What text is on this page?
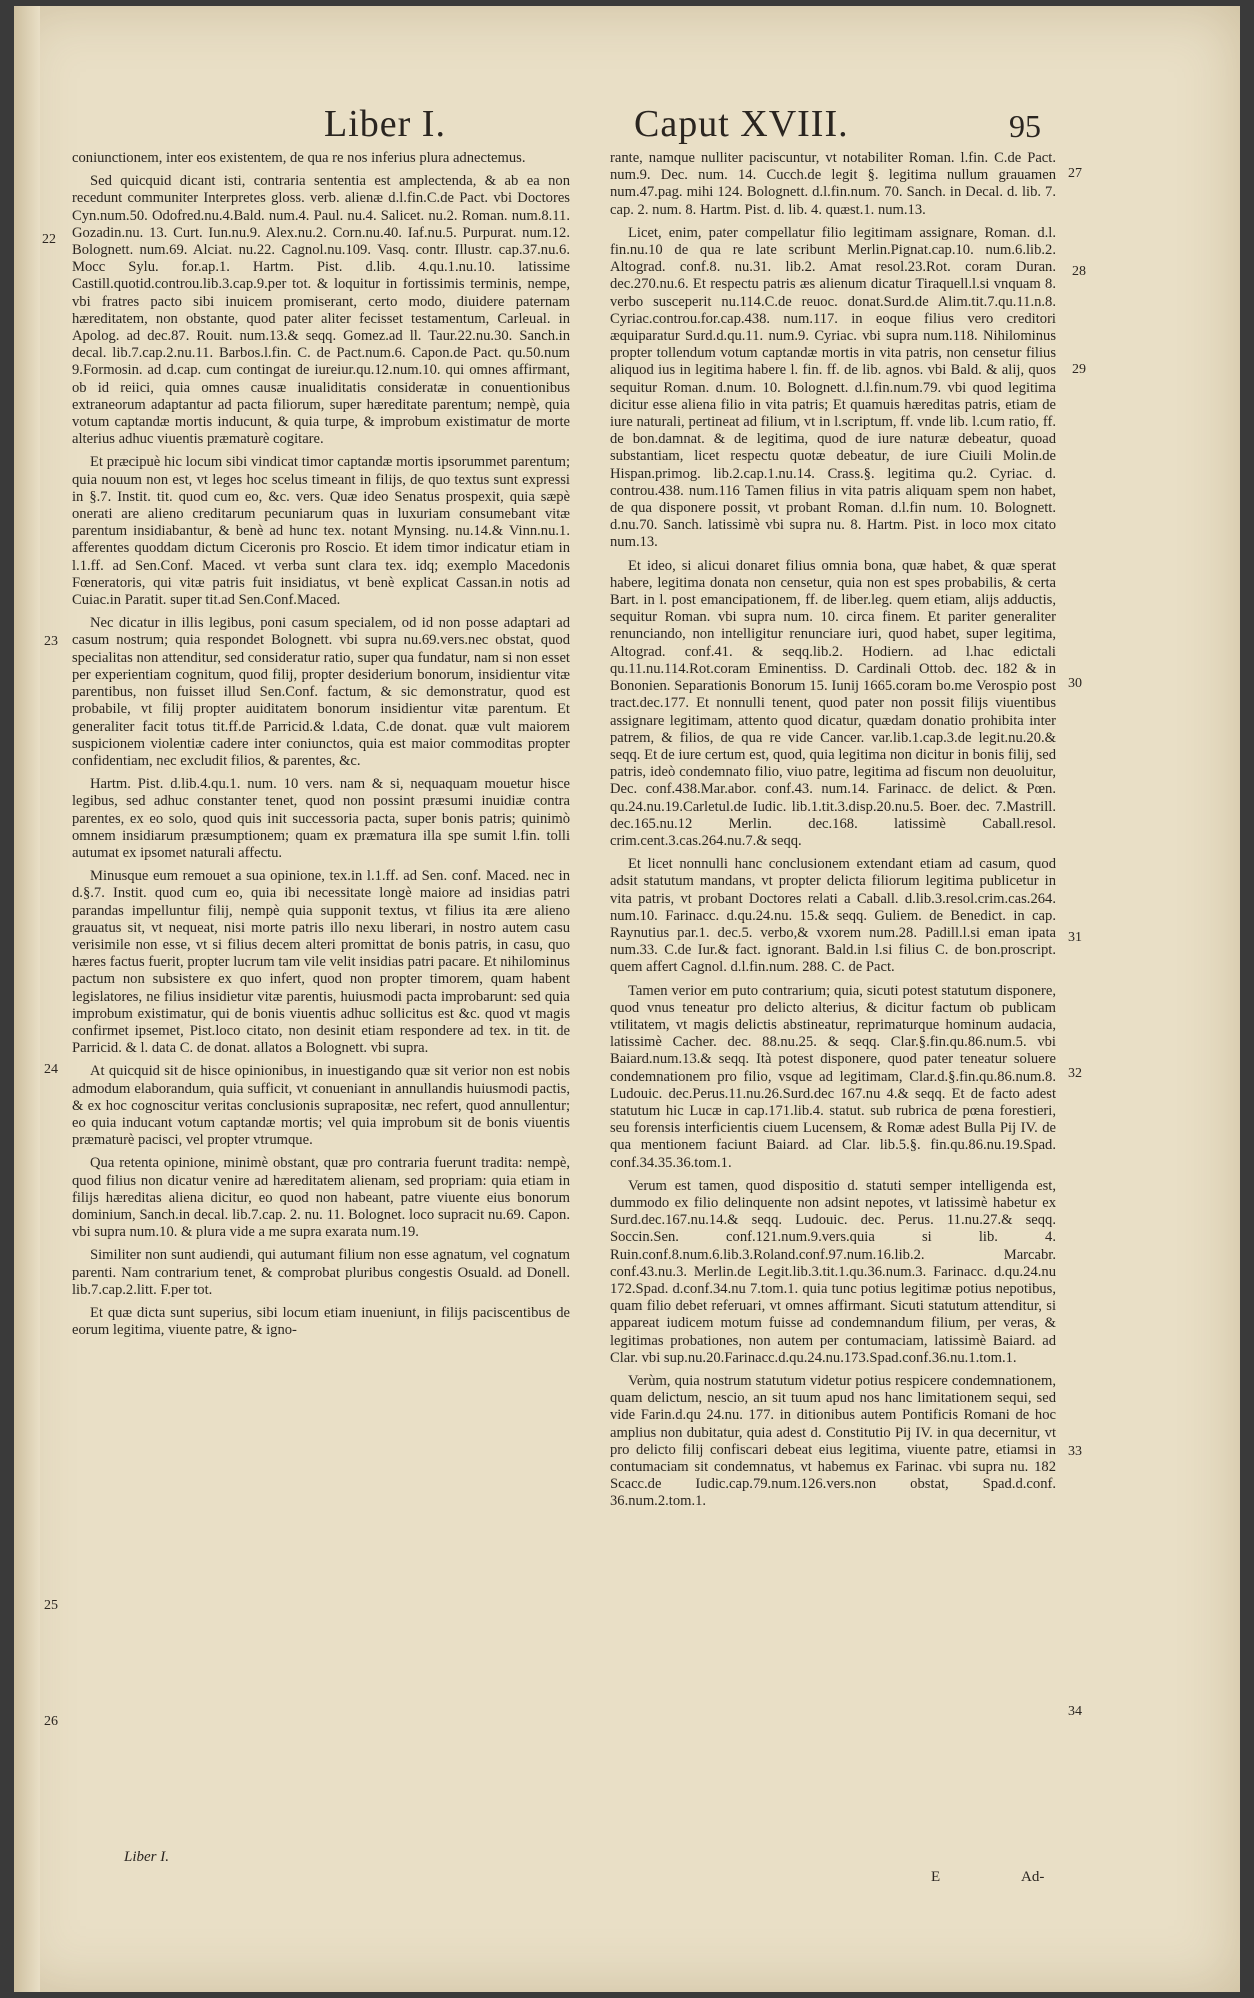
Liber I.	Caput XVIII.	95

coniunctionem, inter eos existentem, de qua re nos inferius plura adnectemus.

Sed quicquid dicant isti, contraria sententia est amplectenda, & ab ea non recedunt communiter Interpretes gloss. verb. alienæ d.l.fin.C.de Pact. vbi Doctores Cyn.num.50. Odofred.nu.4.Bald. num.4. Paul. nu.4. Salicet. nu.2. Roman. num.8.11. Gozadin.nu. 13. Curt. Iun.nu.9. Alex.nu.2. Corn.nu.40. Iaf.nu.5. Purpurat. num.12. Bolognett. num.69. Alciat. nu.22. Cagnol.nu.109. Vasq. contr. Illustr. cap.37.nu.6. Mocc Sylu. for.ap.1. Hartm. Pist. d.lib. 4.qu.1.nu.10. latissime Castill.quotid.controu.lib.3.cap.9.per tot. & loquitur in fortissimis terminis, nempe, vbi fratres pacto sibi inuicem promiserant, certo modo, diuidere paternam hæreditatem, non obstante, quod pater aliter fecisset testamentum, Carleual. in Apolog. ad dec.87. Rouit. num.13.& seqq. Gomez.ad ll. Taur.22.nu.30. Sanch.in decal. lib.7.cap.2.nu.11. Barbos.l.fin. C. de Pact.num.6. Capon.de Pact. qu.50.num 9.Formosin. ad d.cap. cum contingat de iureiur.qu.12.num.10. qui omnes affirmant, ob id reiici, quia omnes causæ inualiditatis consideratæ in conuentionibus extraneorum adaptantur ad pacta filiorum, super hæreditate parentum; nempè, quia votum captandæ mortis inducunt, & quia turpe, & improbum existimatur de morte alterius adhuc viuentis præmaturè cogitare.

Et præcipuè hic locum sibi vindicat timor captandæ mortis ipsorummet parentum; quia nouum non est, vt leges hoc scelus timeant in filijs, de quo textus sunt expressi in §.7. Instit. tit. quod cum eo, &c. vers. Quæ ideo Senatus prospexit, quia sæpè onerati are alieno creditarum pecuniarum quas in luxuriam consumebant vitæ parentum insidiabantur, & benè ad hunc tex. notant Mynsing. nu.14.& Vinn.nu.1. afferentes quoddam dictum Ciceronis pro Roscio. Et idem timor indicatur etiam in l.1.ff. ad Sen.Conf. Maced. vt verba sunt clara tex. idq; exemplo Macedonis Fœneratoris, qui vitæ patris fuit insidiatus, vt benè explicat Cassan.in notis ad Cuiac.in Paratit. super tit.ad Sen.Conf.Maced.

Nec dicatur in illis legibus, poni casum specialem, od id non posse adaptari ad casum nostrum; quia respondet Bolognett. vbi supra nu.69.vers.nec obstat, quod specialitas non attenditur, sed consideratur ratio, super qua fundatur, nam si non esset per experientiam cognitum, quod filij, propter desiderium bonorum, insidientur vitæ parentibus, non fuisset illud Sen.Conf. factum, & sic demonstratur, quod est probabile, vt filij propter auiditatem bonorum insidientur vitæ parentum. Et generaliter facit totus tit.ff.de Parricid.& l.data, C.de donat. quæ vult maiorem suspicionem violentiæ cadere inter coniunctos, quia est maior commoditas propter confidentiam, nec excludit filios, & parentes, &c.

Hartm. Pist. d.lib.4.qu.1. num. 10 vers. nam & si, nequaquam mouetur hisce legibus, sed adhuc constanter tenet, quod non possint præsumi inuidiæ contra parentes, ex eo solo, quod quis init successoria pacta, super bonis patris; quinimò omnem insidiarum præsumptionem; quam ex præmatura illa spe sumit l.fin. tolli autumat ex ipsomet naturali affectu.

Minusque eum remouet a sua opinione, tex.in l.1.ff. ad Sen. conf. Maced. nec in d.§.7. Instit. quod cum eo, quia ibi necessitate longè maiore ad insidias patri parandas impelluntur filij, nempè quia supponit textus, vt filius ita ære alieno grauatus sit, vt nequeat, nisi morte patris illo nexu liberari, in nostro autem casu verisimile non esse, vt si filius decem alteri promittat de bonis patris, in casu, quo hæres factus fuerit, propter lucrum tam vile velit insidias patri pacare. Et nihilominus pactum non subsistere ex quo infert, quod non propter timorem, quam habent legislatores, ne filius insidietur vitæ parentis, huiusmodi pacta improbarunt: sed quia improbum existimatur, qui de bonis viuentis adhuc sollicitus est &c. quod vt magis confirmet ipsemet, Pist.loco citato, non desinit etiam respondere ad tex. in tit. de Parricid. & l. data C. de donat. allatos a Bolognett. vbi supra.

At quicquid sit de hisce opinionibus, in inuestigando quæ sit verior non est nobis admodum elaborandum, quia sufficit, vt conueniant in annullandis huiusmodi pactis, & ex hoc cognoscitur veritas conclusionis suprapositæ, nec refert, quod annullentur; eo quia inducant votum captandæ mortis; vel quia improbum sit de bonis viuentis præmaturè pacisci, vel propter vtrumque.

Qua retenta opinione, minimè obstant, quæ pro contraria fuerunt tradita: nempè, quod filius non dicatur venire ad hæreditatem alienam, sed propriam: quia etiam in filijs hæreditas aliena dicitur, eo quod non habeant, patre viuente eius bonorum dominium, Sanch.in decal. lib.7.cap. 2. nu. 11. Bolognet. loco supracit nu.69. Capon. vbi supra num.10. & plura vide a me supra exarata num.19.

Similiter non sunt audiendi, qui autumant filium non esse agnatum, vel cognatum parenti. Nam contrarium tenet, & comprobat pluribus congestis Osuald. ad Donell. lib.7.cap.2.litt. F.per tot.

Et quæ dicta sunt superius, sibi locum etiam inueniunt, in filijs paciscentibus de eorum legitima, viuente patre, & igno-

22
23
24
25
26

rante, namque nulliter paciscuntur, vt notabiliter Roman. l.fin. C.de Pact. num.9. Dec. num. 14. Cucch.de legit §. legitima nullum grauamen num.47.pag. mihi 124. Bolognett. d.l.fin.num. 70. Sanch. in Decal. d. lib. 7. cap. 2. num. 8. Hartm. Pist. d. lib. 4. quæst.1. num.13.

Licet, enim, pater compellatur filio legitimam assignare, Roman. d.l. fin.nu.10 de qua re late scribunt Merlin.Pignat.cap.10. num.6.lib.2. Altograd. conf.8. nu.31. lib.2. Amat resol.23.Rot. coram Duran. dec.270.nu.6. Et respectu patris æs alienum dicatur Tiraquell.l.si vnquam 8. verbo susceperit nu.114.C.de reuoc. donat.Surd.de Alim.tit.7.qu.11.n.8. Cyriac.controu.for.cap.438. num.117. in eoque filius vero creditori æquiparatur Surd.d.qu.11. num.9. Cyriac. vbi supra num.118. Nihilominus propter tollendum votum captandæ mortis in vita patris, non censetur filius aliquod ius in legitima habere l. fin. ff. de lib. agnos. vbi Bald. & alij, quos sequitur Roman. d.num. 10. Bolognett. d.l.fin.num.79. vbi quod legitima dicitur esse aliena filio in vita patris; Et quamuis hæreditas patris, etiam de iure naturali, pertineat ad filium, vt in l.scriptum, ff. vnde lib. l.cum ratio, ff. de bon.damnat. & de legitima, quod de iure naturæ debeatur, quoad substantiam, licet respectu quotæ debeatur, de iure Ciuili Molin.de Hispan.primog. lib.2.cap.1.nu.14. Crass.§. legitima qu.2. Cyriac. d. controu.438. num.116 Tamen filius in vita patris aliquam spem non habet, de qua disponere possit, vt probant Roman. d.l.fin num. 10. Bolognett. d.nu.70. Sanch. latissimè vbi supra nu. 8. Hartm. Pist. in loco mox citato num.13.

Et ideo, si alicui donaret filius omnia bona, quæ habet, & quæ sperat habere, legitima donata non censetur, quia non est spes probabilis, & certa Bart. in l. post emancipationem, ff. de liber.leg. quem etiam, alijs adductis, sequitur Roman. vbi supra num. 10. circa finem. Et pariter generaliter renunciando, non intelligitur renunciare iuri, quod habet, super legitima, Altograd. conf.41. & seqq.lib.2. Hodiern. ad l.hac edictali qu.11.nu.114.Rot.coram Eminentiss. D. Cardinali Ottob. dec. 182 & in Bononien. Separationis Bonorum 15. Iunij 1665.coram bo.me Verospio post tract.dec.177. Et nonnulli tenent, quod pater non possit filijs viuentibus assignare legitimam, attento quod dicatur, quædam donatio prohibita inter patrem, & filios, de qua re vide Cancer. var.lib.1.cap.3.de legit.nu.20.& seqq. Et de iure certum est, quod, quia legitima non dicitur in bonis filij, sed patris, ideò condemnato filio, viuo patre, legitima ad fiscum non deuoluitur, Dec. conf.438.Mar.abor. conf.43. num.14. Farinacc. de delict. & Pœn. qu.24.nu.19.Carletul.de Iudic. lib.1.tit.3.disp.20.nu.5. Boer. dec. 7.Mastrill. dec.165.nu.12 Merlin. dec.168. latissimè Caball.resol. crim.cent.3.cas.264.nu.7.& seqq.

Et licet nonnulli hanc conclusionem extendant etiam ad casum, quod adsit statutum mandans, vt propter delicta filiorum legitima publicetur in vita patris, vt probant Doctores relati a Caball. d.lib.3.resol.crim.cas.264. num.10. Farinacc. d.qu.24.nu. 15.& seqq. Guliem. de Benedict. in cap. Raynutius par.1. dec.5. verbo,& vxorem num.28. Padill.l.si eman ipata num.33. C.de Iur.& fact. ignorant. Bald.in l.si filius C. de bon.proscript. quem affert Cagnol. d.l.fin.num. 288. C. de Pact.

Tamen verior em puto contrarium; quia, sicuti potest statutum disponere, quod vnus teneatur pro delicto alterius, & dicitur factum ob publicam vtilitatem, vt magis delictis abstineatur, reprimaturque hominum audacia, latissimè Cacher. dec. 88.nu.25. & seqq. Clar.§.fin.qu.86.num.5. vbi Baiard.num.13.& seqq. Ità potest disponere, quod pater teneatur soluere condemnationem pro filio, vsque ad legitimam, Clar.d.§.fin.qu.86.num.8. Ludouic. dec.Perus.11.nu.26.Surd.dec 167.nu 4.& seqq. Et de facto adest statutum hic Lucæ in cap.171.lib.4. statut. sub rubrica de pœna forestieri, seu forensis interficientis ciuem Lucensem, & Romæ adest Bulla Pij IV. de qua mentionem faciunt Baiard. ad Clar. lib.5.§. fin.qu.86.nu.19.Spad. conf.34.35.36.tom.1.

Verum est tamen, quod dispositio d. statuti semper intelligenda est, dummodo ex filio delinquente non adsint nepotes, vt latissimè habetur ex Surd.dec.167.nu.14.& seqq. Ludouic. dec. Perus. 11.nu.27.& seqq. Soccin.Sen. conf.121.num.9.vers.quia si lib. 4. Ruin.conf.8.num.6.lib.3.Roland.conf.97.num.16.lib.2. Marcabr. conf.43.nu.3. Merlin.de Legit.lib.3.tit.1.qu.36.num.3. Farinacc. d.qu.24.nu 172.Spad. d.conf.34.nu 7.tom.1. quia tunc potius legitimæ potius nepotibus, quam filio debet referuari, vt omnes affirmant. Sicuti statutum attenditur, si appareat iudicem motum fuisse ad condemnandum filium, per veras, & legitimas probationes, non autem per contumaciam, latissimè Baiard. ad Clar. vbi sup.nu.20.Farinacc.d.qu.24.nu.173.Spad.conf.36.nu.1.tom.1.

Verùm, quia nostrum statutum videtur potius respicere condemnationem, quam delictum, nescio, an sit tuum apud nos hanc limitationem sequi, sed vide Farin.d.qu 24.nu. 177. in ditionibus autem Pontificis Romani de hoc amplius non dubitatur, quia adest d. Constitutio Pij IV. in qua decernitur, vt pro delicto filij confiscari debeat eius legitima, viuente patre, etiamsi in contumaciam sit condemnatus, vt habemus ex Farinac. vbi supra nu. 182 Scacc.de Iudic.cap.79.num.126.vers.non obstat, Spad.d.conf. 36.num.2.tom.1.

27
28
29
30
31
32
33
34
Liber I.
E	Ad-
